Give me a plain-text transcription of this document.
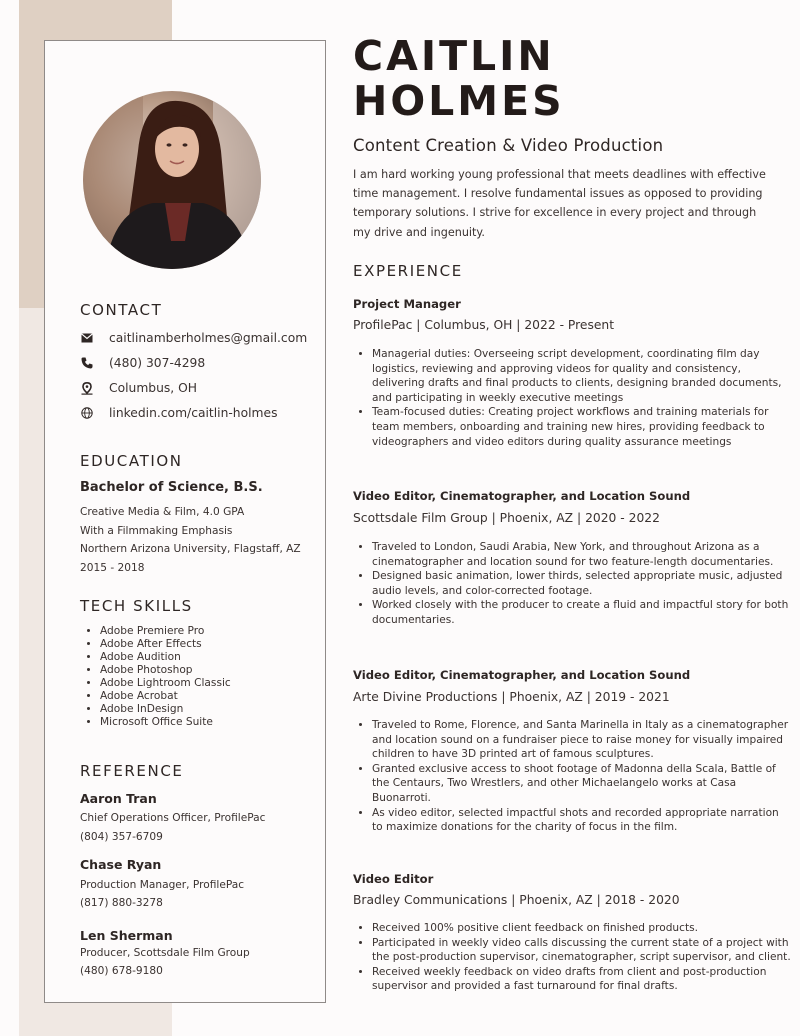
CONTACT
caitlinamberholmes@gmail.com
(480) 307-4298
Columbus, OH
linkedin.com/caitlin-holmes
EDUCATION
Bachelor of Science, B.S.
Creative Media & Film, 4.0 GPA
With a Filmmaking Emphasis
Northern Arizona University, Flagstaff, AZ
2015 - 2018
TECH SKILLS
• Adobe Premiere Pro
• Adobe After Effects
• Adobe Audition
• Adobe Photoshop
• Adobe Lightroom Classic
• Adobe Acrobat
• Adobe InDesign
• Microsoft Office Suite
REFERENCE
Aaron Tran
Chief Operations Officer, ProfilePac
(804) 357-6709
Chase Ryan
Production Manager, ProfilePac
(817) 880-3278
Len Sherman
Producer, Scottsdale Film Group
(480) 678-9180
CAITLIN
HOLMES
Content Creation & Video Production
I am hard working young professional that meets deadlines with effective time management. I resolve fundamental issues as opposed to providing temporary solutions. I strive for excellence in every project and through my drive and ingenuity.
EXPERIENCE
Project Manager
ProfilePac | Columbus, OH | 2022 - Present
• Managerial duties: Overseeing script development, coordinating film day logistics, reviewing and approving videos for quality and consistency, delivering drafts and final products to clients, designing branded documents, and participating in weekly executive meetings
• Team-focused duties: Creating project workflows and training materials for team members, onboarding and training new hires, providing feedback to videographers and video editors during quality assurance meetings
Video Editor, Cinematographer, and Location Sound
Scottsdale Film Group | Phoenix, AZ | 2020 - 2022
• Traveled to London, Saudi Arabia, New York, and throughout Arizona as a cinematographer and location sound for two feature-length documentaries.
• Designed basic animation, lower thirds, selected appropriate music, adjusted audio levels, and color-corrected footage.
• Worked closely with the producer to create a fluid and impactful story for both documentaries.
Video Editor, Cinematographer, and Location Sound
Arte Divine Productions | Phoenix, AZ | 2019 - 2021
• Traveled to Rome, Florence, and Santa Marinella in Italy as a cinematographer and location sound on a fundraiser piece to raise money for visually impaired children to have 3D printed art of famous sculptures.
• Granted exclusive access to shoot footage of Madonna della Scala, Battle of the Centaurs, Two Wrestlers, and other Michaelangelo works at Casa Buonarroti.
• As video editor, selected impactful shots and recorded appropriate narration to maximize donations for the charity of focus in the film.
Video Editor
Bradley Communications | Phoenix, AZ | 2018 - 2020
• Received 100% positive client feedback on finished products.
• Participated in weekly video calls discussing the current state of a project with the post-production supervisor, cinematographer, script supervisor, and client.
• Received weekly feedback on video drafts from client and post-production supervisor and provided a fast turnaround for final drafts.
